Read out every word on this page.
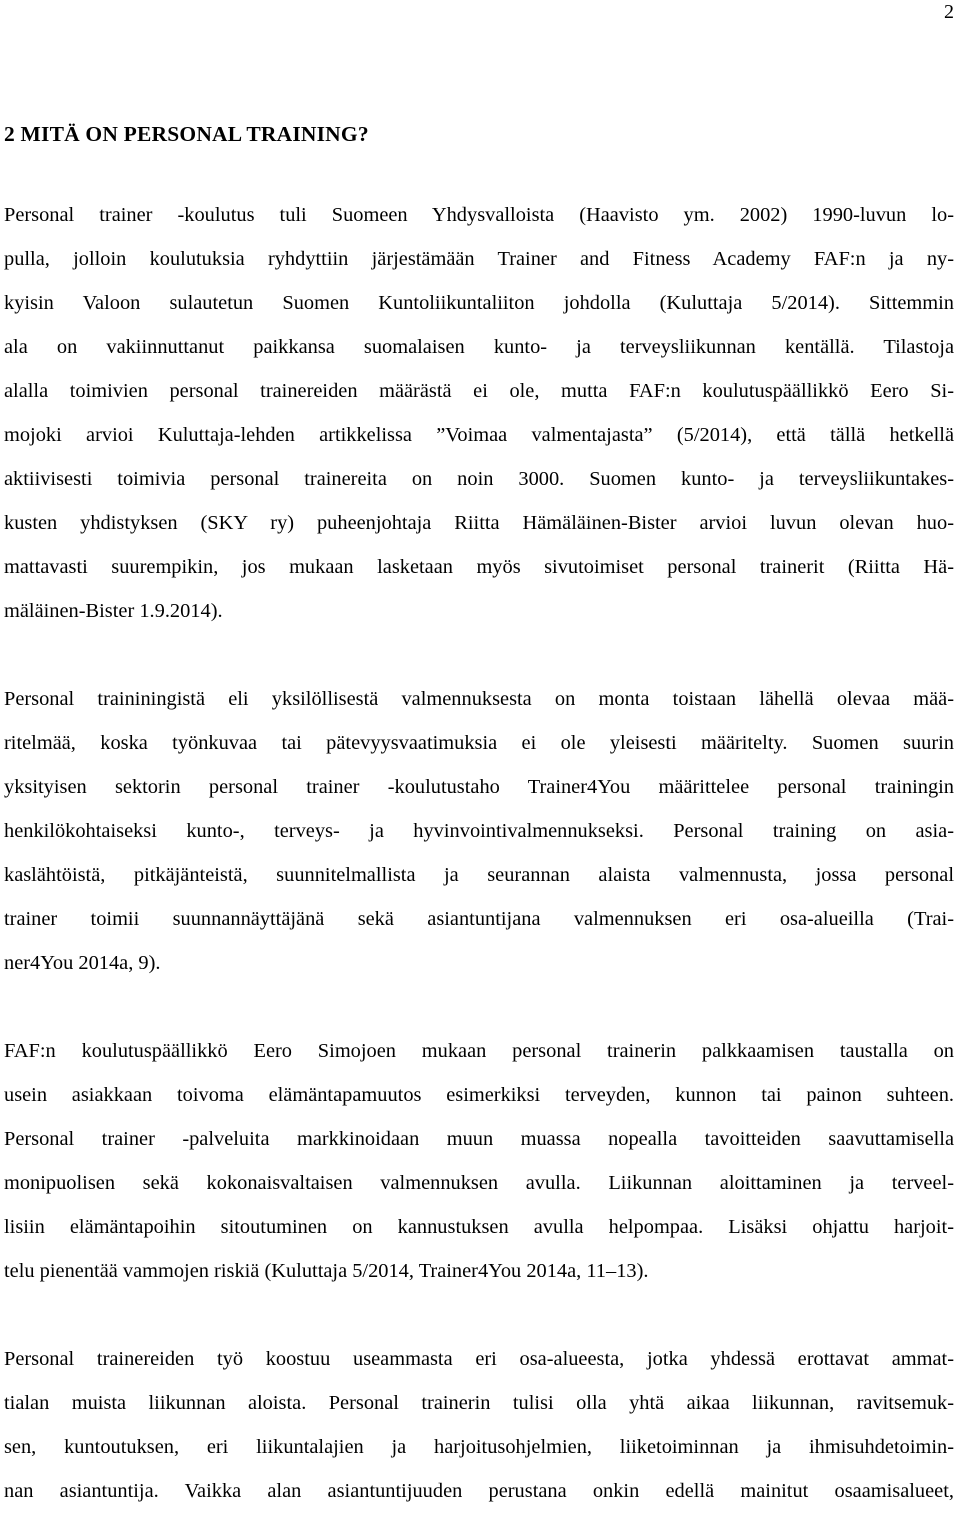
2
2 MITÄ ON PERSONAL TRAINING?
Personal trainer -koulutus tuli Suomeen Yhdysvalloista (Haavisto ym. 2002) 1990-luvun lo-
pulla, jolloin koulutuksia ryhdyttiin järjestämään Trainer and Fitness Academy FAF:n ja ny-
kyisin Valoon sulautetun Suomen Kuntoliikuntaliiton johdolla (Kuluttaja 5/2014). Sittemmin
ala on vakiinnuttanut paikkansa suomalaisen kunto- ja terveysliikunnan kentällä. Tilastoja
alalla toimivien personal trainereiden määrästä ei ole, mutta FAF:n koulutuspäällikkö Eero Si-
mojoki arvioi Kuluttaja-lehden artikkelissa ”Voimaa valmentajasta” (5/2014), että tällä hetkellä
aktiivisesti toimivia personal trainereita on noin 3000. Suomen kunto- ja terveysliikuntakes-
kusten yhdistyksen (SKY ry) puheenjohtaja Riitta Hämäläinen-Bister arvioi luvun olevan huo-
mattavasti suurempikin, jos mukaan lasketaan myös sivutoimiset personal trainerit (Riitta Hä-
mäläinen-Bister 1.9.2014).
Personal traininingistä eli yksilöllisestä valmennuksesta on monta toistaan lähellä olevaa mää-
ritelmää, koska työnkuvaa tai pätevyysvaatimuksia ei ole yleisesti määritelty. Suomen suurin
yksityisen sektorin personal trainer -koulutustaho Trainer4You määrittelee personal trainingin
henkilökohtaiseksi kunto-, terveys- ja hyvinvointivalmennukseksi. Personal training on asia-
kaslähtöistä, pitkäjänteistä, suunnitelmallista ja seurannan alaista valmennusta, jossa personal
trainer toimii suunnannäyttäjänä sekä asiantuntijana valmennuksen eri osa-alueilla (Trai-
ner4You 2014a, 9).
FAF:n koulutuspäällikkö Eero Simojoen mukaan personal trainerin palkkaamisen taustalla on
usein asiakkaan toivoma elämäntapamuutos esimerkiksi terveyden, kunnon tai painon suhteen.
Personal trainer -palveluita markkinoidaan muun muassa nopealla tavoitteiden saavuttamisella
monipuolisen sekä kokonaisvaltaisen valmennuksen avulla. Liikunnan aloittaminen ja terveel-
lisiin elämäntapoihin sitoutuminen on kannustuksen avulla helpompaa. Lisäksi ohjattu harjoit-
telu pienentää vammojen riskiä (Kuluttaja 5/2014, Trainer4You 2014a, 11–13).
Personal trainereiden työ koostuu useammasta eri osa-alueesta, jotka yhdessä erottavat ammat-
tialan muista liikunnan aloista. Personal trainerin tulisi olla yhtä aikaa liikunnan, ravitsemuk-
sen, kuntoutuksen, eri liikuntalajien ja harjoitusohjelmien, liiketoiminnan ja ihmisuhdetoimin-
nan asiantuntija. Vaikka alan asiantuntijuuden perustana onkin edellä mainitut osaamisalueet,
